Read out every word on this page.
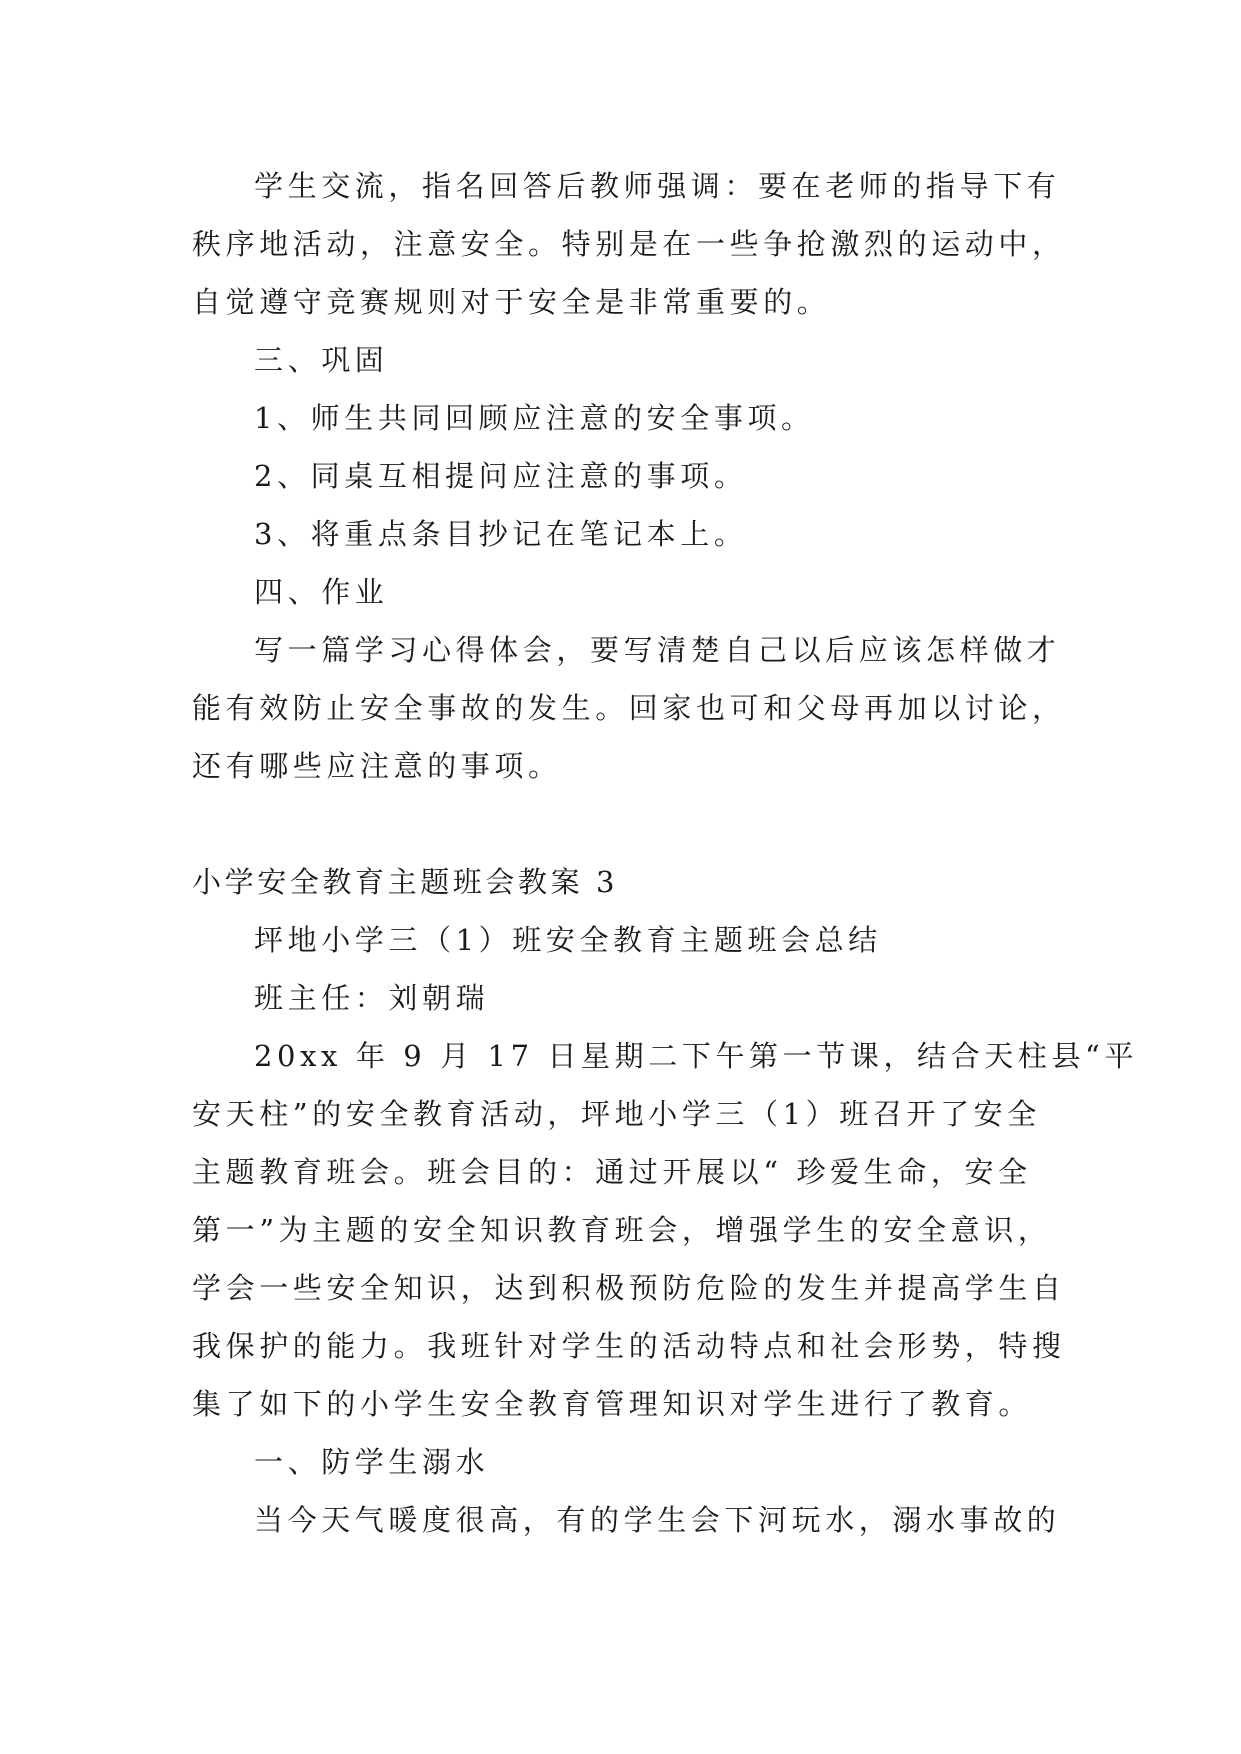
学生交流，指名回答后教师强调：要在老师的指导下有
秩序地活动，注意安全。特别是在一些争抢激烈的运动中，
自觉遵守竞赛规则对于安全是非常重要的。
三、巩固
1、师生共同回顾应注意的安全事项。
2、同桌互相提问应注意的事项。
3、将重点条目抄记在笔记本上。
四、作业
写一篇学习心得体会，要写清楚自己以后应该怎样做才
能有效防止安全事故的发生。回家也可和父母再加以讨论，
还有哪些应注意的事项。
小学安全教育主题班会教案 3
坪地小学三（1）班安全教育主题班会总结
班主任：刘朝瑞
20xx 年 9 月 17 日星期二下午第一节课，结合天柱县“平
安天柱”的安全教育活动，坪地小学三（1）班召开了安全
主题教育班会。班会目的：通过开展以“ 珍爱生命，安全
第一”为主题的安全知识教育班会，增强学生的安全意识，
学会一些安全知识，达到积极预防危险的发生并提高学生自
我保护的能力。我班针对学生的活动特点和社会形势，特搜
集了如下的小学生安全教育管理知识对学生进行了教育。
一、防学生溺水
当今天气暖度很高，有的学生会下河玩水，溺水事故的
